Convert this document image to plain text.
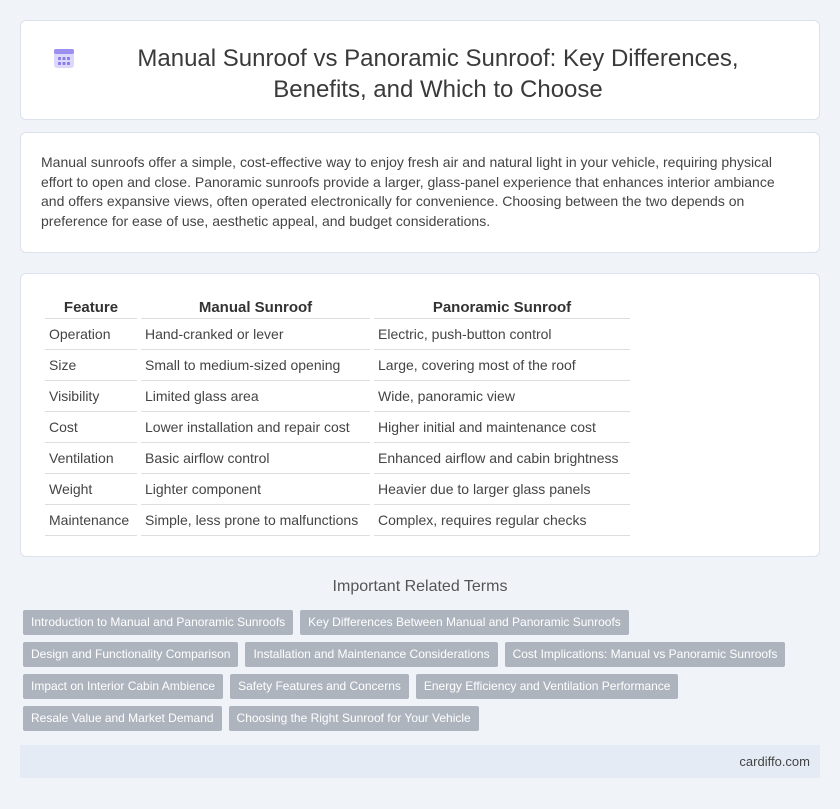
Manual Sunroof vs Panoramic Sunroof: Key Differences, Benefits, and Which to Choose

Manual sunroofs offer a simple, cost-effective way to enjoy fresh air and natural light in your vehicle, requiring physical effort to open and close. Panoramic sunroofs provide a larger, glass-panel experience that enhances interior ambiance and offers expansive views, often operated electronically for convenience. Choosing between the two depends on preference for ease of use, aesthetic appeal, and budget considerations.

Feature	Manual Sunroof	Panoramic Sunroof
Operation	Hand-cranked or lever	Electric, push-button control
Size	Small to medium-sized opening	Large, covering most of the roof
Visibility	Limited glass area	Wide, panoramic view
Cost	Lower installation and repair cost	Higher initial and maintenance cost
Ventilation	Basic airflow control	Enhanced airflow and cabin brightness
Weight	Lighter component	Heavier due to larger glass panels
Maintenance	Simple, less prone to malfunctions	Complex, requires regular checks
Important Related Terms
Introduction to Manual and Panoramic Sunroofs	Key Differences Between Manual and Panoramic Sunroofs
Design and Functionality Comparison	Installation and Maintenance Considerations	Cost Implications: Manual vs Panoramic Sunroofs
Impact on Interior Cabin Ambience	Safety Features and Concerns	Energy Efficiency and Ventilation Performance
Resale Value and Market Demand	Choosing the Right Sunroof for Your Vehicle
cardiffo.com
